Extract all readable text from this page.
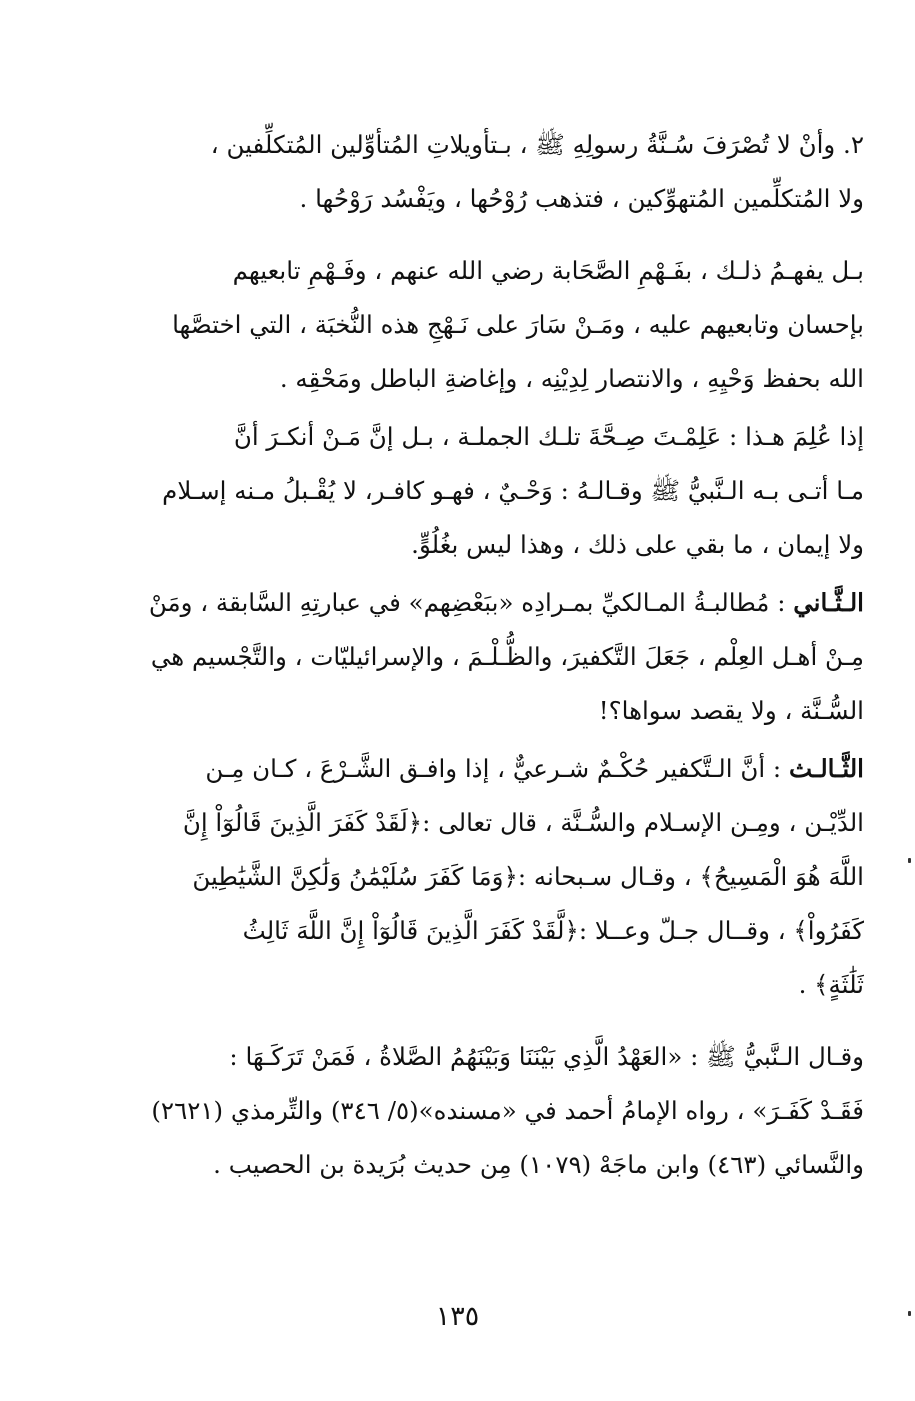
٢. وأنْ لا تُصْرَفَ سُـنَّةُ رسولِهِ ﷺ ، بـتأويلاتِ المُتأوِّلين المُتكلِّفين ،
ولا المُتكلِّمين المُتهوِّكين ، فتذهب رُوْحُها ، ويَفْسُد رَوْحُها .
بـل يفهـمُ ذلـك ، بفَـهْمِ الصَّحَابة رضي الله عنهم ، وفَـهْمِ تابعيهم
بإحسان وتابعيهم عليه ، ومَـنْ سَارَ على نَـهْجِ هذه النُّخبَة ، التي اختصَّها
الله بحفظ وَحْيِهِ ، والانتصار لِدِيْنِه ، وإغاضةِ الباطل ومَحْقِه .
إذا عُلِمَ هـذا : عَلِمْـتَ صِـحَّةَ تلـك الجملـة ، بـل إنَّ مَـنْ أنكـرَ أنَّ
مـا أتـى بـه الـنَّبيُّ ﷺ وقـالـهُ : وَحْـيٌ ، فهـو كافـر، لا يُقْـبلُ مـنه إسـلام
ولا إيمان ، ما بقي على ذلك ، وهذا ليس بغُلُوٍّ.
الـثَّـاني : مُطالبـةُ المـالكيِّ بمـرادِه «ببَعْضِهم» في عبارتِهِ السَّابقة ، ومَنْ
مِـنْ أهـل العِلْم ، جَعَلَ التَّكفيرَ، والظُّـلْـمَ ، والإسرائيليّات ، والتَّجْسيم هي
السُّـنَّة ، ولا يقصد سواها؟!
الثَّـالـث : أنَّ الـتَّكفير حُكْـمٌ شـرعيٌّ ، إذا وافـق الشَّـرْعَ ، كـان مِـن
الدِّيْـن ، ومِـن الإسـلام والسُّـنَّة ، قال تعالى :﴿لَقَدْ كَفَرَ الَّذِينَ قَالُوٓاْ إِنَّ
اللَّهَ هُوَ الْمَسِيحُ﴾ ، وقـال سـبحانه :﴿وَمَا كَفَرَ سُلَيْمَٰنُ وَلَٰكِنَّ الشَّيَٰطِينَ
كَفَرُواْ﴾ ، وقــال جـلّ وعــلا :﴿لَّقَدْ كَفَرَ الَّذِينَ قَالُوٓاْ إِنَّ اللَّهَ ثَالِثُ
ثَلَٰثَةٍ﴾ .
وقـال الـنَّبيُّ ﷺ : «العَهْدُ الَّذِي بَيْنَنَا وَبَيْنَهُمُ الصَّلاةُ ، فَمَنْ تَرَكَـهَا :
فَقَـدْ كَفَـرَ» ، رواه الإمامُ أحمد في «مسنده»(٥/ ٣٤٦) والتِّرمذي (٢٦٢١)
والنَّسائي (٤٦٣) وابن ماجَهْ (١٠٧٩) مِن حديث بُرَيدة بن الحصيب .
١٣٥
